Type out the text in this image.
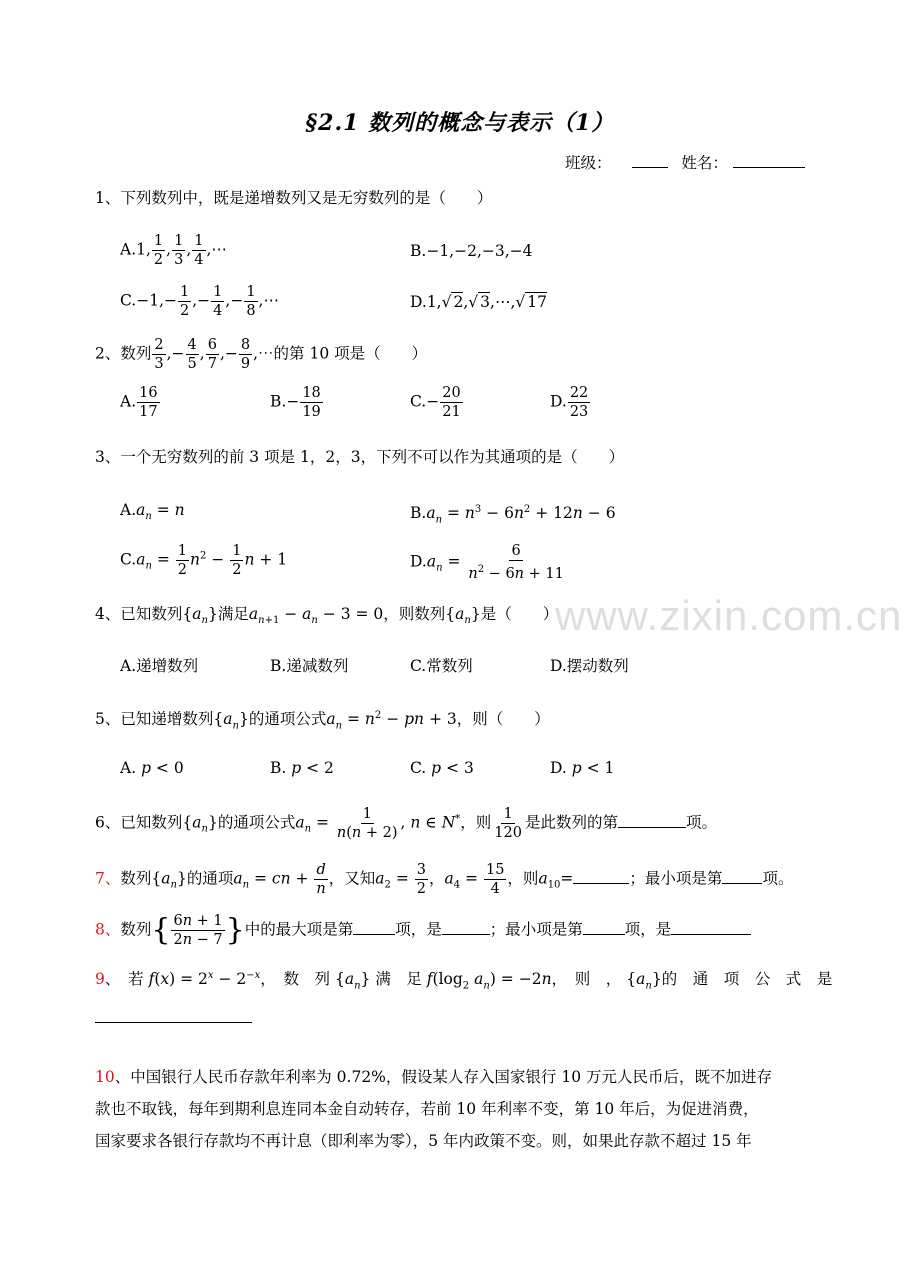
§2.1 数列的概念与表示（1）
班级：	姓名：
1、下列数列中，既是递增数列又是无穷数列的是（　　）
A.1, $\frac{1}{2}$ , $\frac{1}{3}$ , $\frac{1}{4}$ ,⋯	B.−1,−2,−3,−4
$C.-1,- \frac{1}{2}$ ,− $\frac{1}{4}$ ,− $\frac{1}{8}$ ,⋯	D.1,√ 2,√ 3,⋯,√ 17
2、数列 $\frac{2}{3}$ ,− $\frac{4}{5}$ , $\frac{6}{7}$ ,− $\frac{8}{9}$ ,⋯的第 10 项是（　　）
A. $\frac{16}{17}$	$B.- \frac{18}{19}$	$C.- \frac{20}{21}$	D. $\frac{22}{23}$
3、一个无穷数列的前 3 项是 1，2，3，下列不可以作为其通项的是（　　）
$A.a_n = n$	$B.a_n = n^3 - 6n^2 + 12n - 6$
$C.a_n = \frac{1}{2} n^2 - \frac{1}{2}$ n + 1	$D.a_n = \frac{6}{n^2 - 6n + 11}$
www.zixin.com.cn
4、已知数列$\{a_n\}$满足$a_{n+1} - a_n - 3 = 0$，则数列$\{a_n\}$是（　　）
A.递增数列	B.递减数列	C.常数列	D.摆动数列
5、已知递增数列$\{a_n\}$的通项公式$a_n = n^2$ − pn + 3，则（　　）
A. p < 0	B. p < 2	C. p < 3	D. p < 1
6、已知数列$\{a_n\}$的通项公式$a_n = \frac{1}{n(n + 2)}$ , n ∈ N*，则 $\frac{1}{120}$ 是此数列的第	项。
7、数列$\{a_n\}$的通项$a_n$ = cn + $\frac{d}{n}$ ，又知$a_2 = \frac{3}{2}$ ，$a_4 = \frac{15}{4}$ ，则$a_{10}=$	；最小项是第	项。
8、数列{ $\frac{6n + 1}{2n - 7}$ }中的最大项是第	项，是	；最小项是第	项，是
9、　若 $f(x) = 2^x - 2^{-x}$，　数　列 $\{a_n\}$ 满　足 $f(\log_2$ $a_n) = -2n$，　则　， $\{a_n\}$的　通　项　公　式　是
10、中国银行人民币存款年利率为 0.72%，假设某人存入国家银行 10 万元人民币后，既不加进存
款也不取钱，每年到期利息连同本金自动转存，若前 10 年利率不变，第 10 年后，为促进消费，
国家要求各银行存款均不再计息（即利率为零），5 年内政策不变。则，如果此存款不超过 15 年
